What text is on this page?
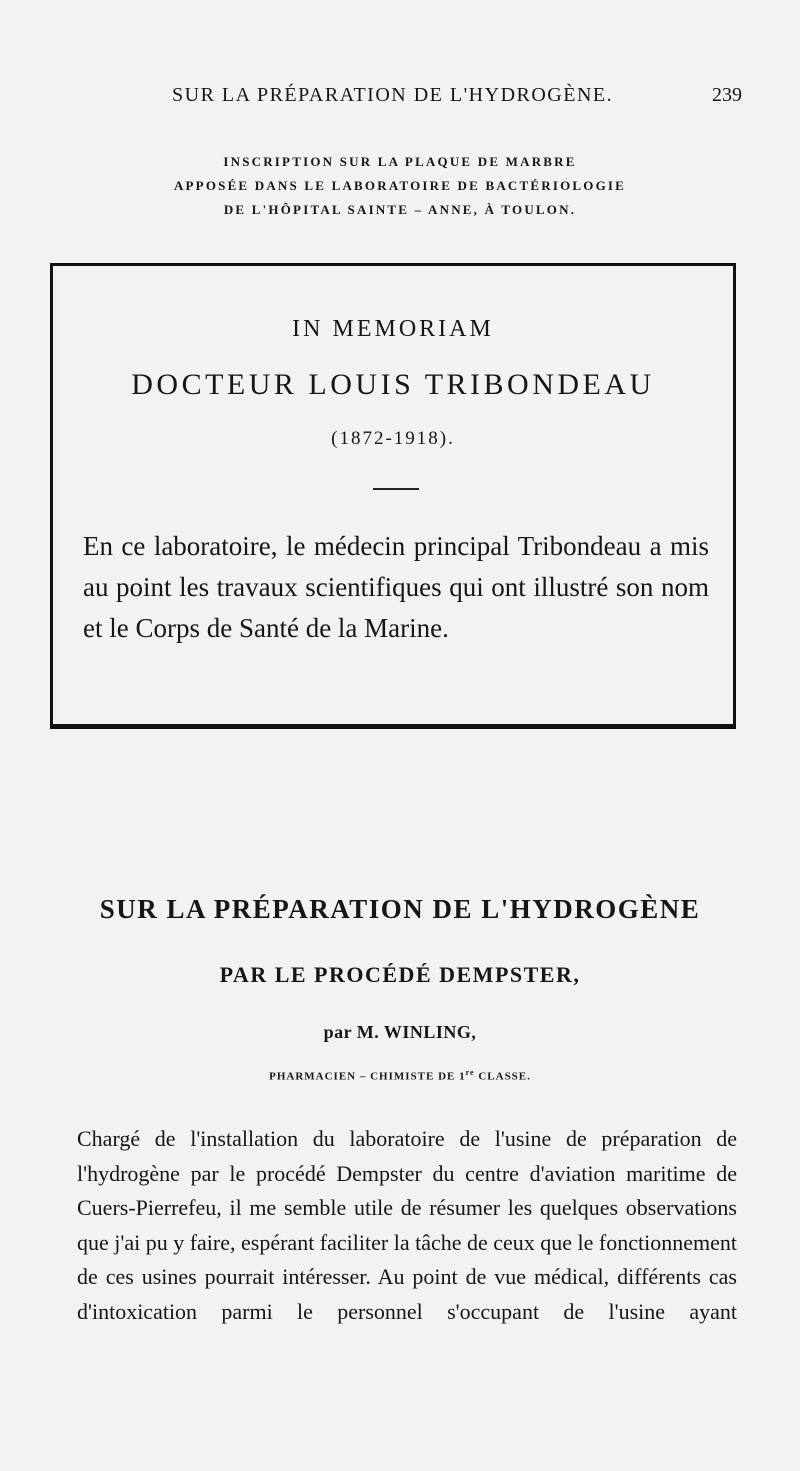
SUR LA PRÉPARATION DE L'HYDROGÈNE.	239
INSCRIPTION SUR LA PLAQUE DE MARBRE
APPOSÉE DANS LE LABORATOIRE DE BACTÉRIOLOGIE
DE L'HÔPITAL SAINTE – ANNE, À TOULON.
IN MEMORIAM
DOCTEUR LOUIS TRIBONDEAU
(1872-1918).
En ce laboratoire, le médecin principal Tribondeau a mis au point les travaux scientifiques qui ont illustré son nom et le Corps de Santé de la Marine.
SUR LA PRÉPARATION DE L'HYDROGÈNE
PAR LE PROCÉDÉ DEMPSTER,
par M. WINLING,
PHARMACIEN – CHIMISTE DE 1re CLASSE.

Chargé de l'installation du laboratoire de l'usine de préparation de l'hydrogène par le procédé Dempster du centre d'aviation maritime de Cuers-Pierrefeu, il me semble utile de résumer les quelques observations que j'ai pu y faire, espérant faciliter la tâche de ceux que le fonctionnement de ces usines pourrait intéresser. Au point de vue médical, différents cas d'intoxication parmi le personnel s'occupant de l'usine ayant
